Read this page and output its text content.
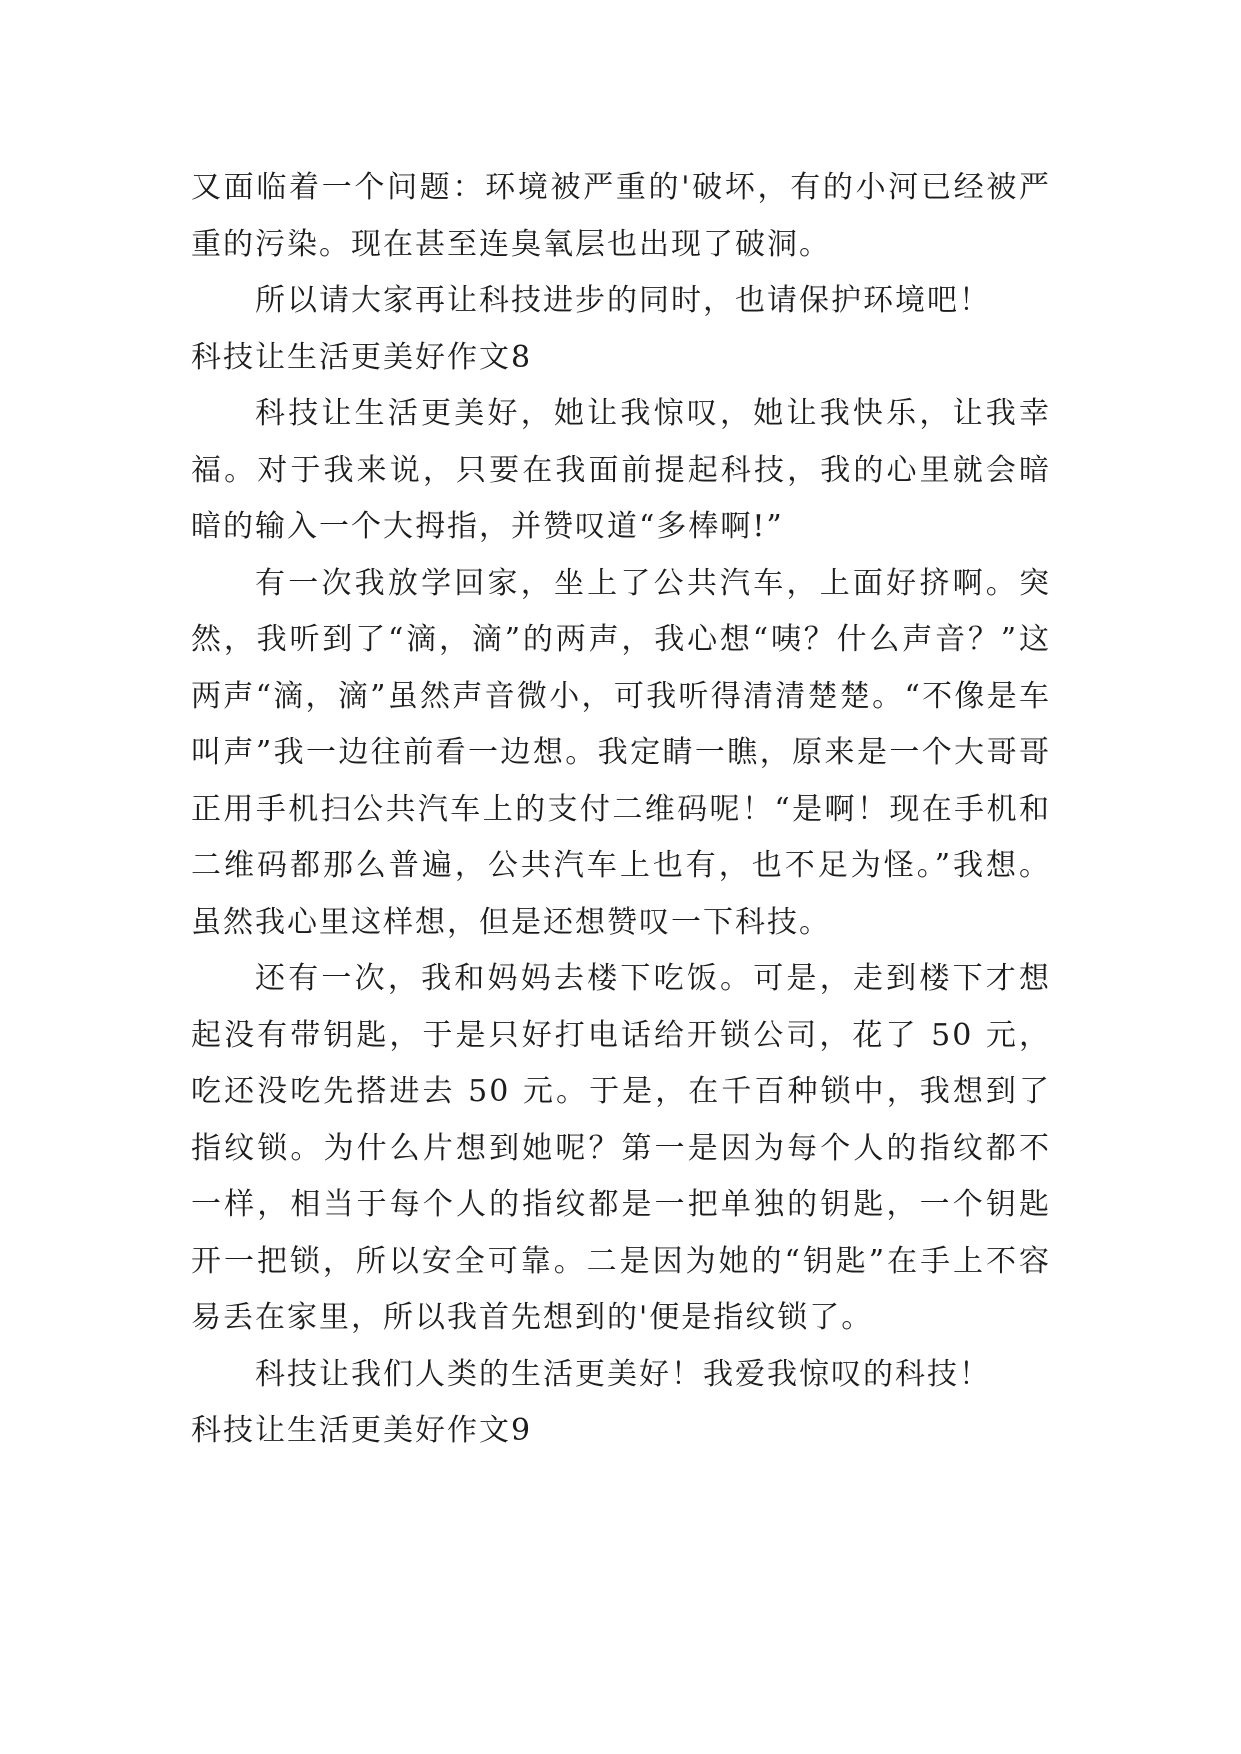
又面临着一个问题：环境被严重的'破坏，有的小河已经被严重的污染。现在甚至连臭氧层也出现了破洞。

所以请大家再让科技进步的同时，也请保护环境吧！

科技让生活更美好作文8

科技让生活更美好，她让我惊叹，她让我快乐，让我幸福。对于我来说，只要在我面前提起科技，我的心里就会暗暗的输入一个大拇指，并赞叹道“多棒啊!”

有一次我放学回家，坐上了公共汽车，上面好挤啊。突然，我听到了“滴，滴”的两声，我心想“咦？什么声音？”这两声“滴，滴”虽然声音微小，可我听得清清楚楚。“不像是车叫声”我一边往前看一边想。我定睛一瞧，原来是一个大哥哥正用手机扫公共汽车上的支付二维码呢！“是啊！现在手机和二维码都那么普遍，公共汽车上也有，也不足为怪。”我想。虽然我心里这样想，但是还想赞叹一下科技。

还有一次，我和妈妈去楼下吃饭。可是，走到楼下才想起没有带钥匙，于是只好打电话给开锁公司，花了 50 元，吃还没吃先搭进去 50 元。于是，在千百种锁中，我想到了指纹锁。为什么片想到她呢？第一是因为每个人的指纹都不一样，相当于每个人的指纹都是一把单独的钥匙，一个钥匙开一把锁，所以安全可靠。二是因为她的“钥匙”在手上不容易丢在家里，所以我首先想到的'便是指纹锁了。

科技让我们人类的生活更美好！我爱我惊叹的科技！

科技让生活更美好作文9
